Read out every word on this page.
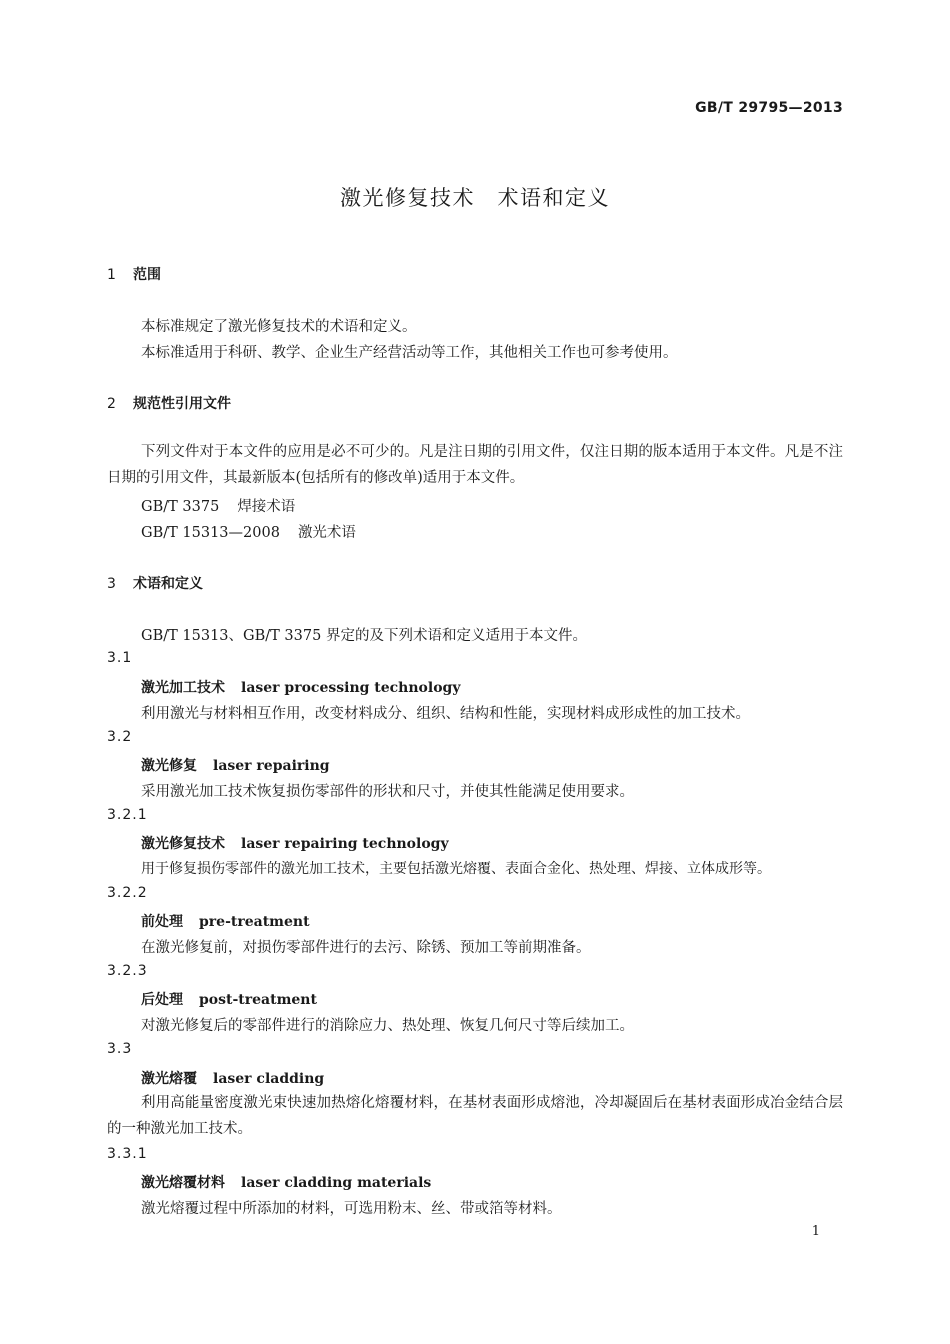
GB/T 29795—2013
激光修复技术　术语和定义
1 范围
本标准规定了激光修复技术的术语和定义。
本标准适用于科研、教学、企业生产经营活动等工作，其他相关工作也可参考使用。
2 规范性引用文件
下列文件对于本文件的应用是必不可少的。凡是注日期的引用文件，仅注日期的版本适用于本文件。凡是不注日期的引用文件，其最新版本(包括所有的修改单)适用于本文件。
GB/T 3375 焊接术语
GB/T 15313—2008 激光术语
3 术语和定义
GB/T 15313、GB/T 3375 界定的及下列术语和定义适用于本文件。
3.1
激光加工技术 laser processing technology
利用激光与材料相互作用，改变材料成分、组织、结构和性能，实现材料成形成性的加工技术。
3.2
激光修复 laser repairing
采用激光加工技术恢复损伤零部件的形状和尺寸，并使其性能满足使用要求。
3.2.1
激光修复技术 laser repairing technology
用于修复损伤零部件的激光加工技术，主要包括激光熔覆、表面合金化、热处理、焊接、立体成形等。
3.2.2
前处理 pre-treatment
在激光修复前，对损伤零部件进行的去污、除锈、预加工等前期准备。
3.2.3
后处理 post-treatment
对激光修复后的零部件进行的消除应力、热处理、恢复几何尺寸等后续加工。
3.3
激光熔覆 laser cladding
利用高能量密度激光束快速加热熔化熔覆材料，在基材表面形成熔池，冷却凝固后在基材表面形成冶金结合层的一种激光加工技术。
3.3.1
激光熔覆材料 laser cladding materials
激光熔覆过程中所添加的材料，可选用粉末、丝、带或箔等材料。
1
